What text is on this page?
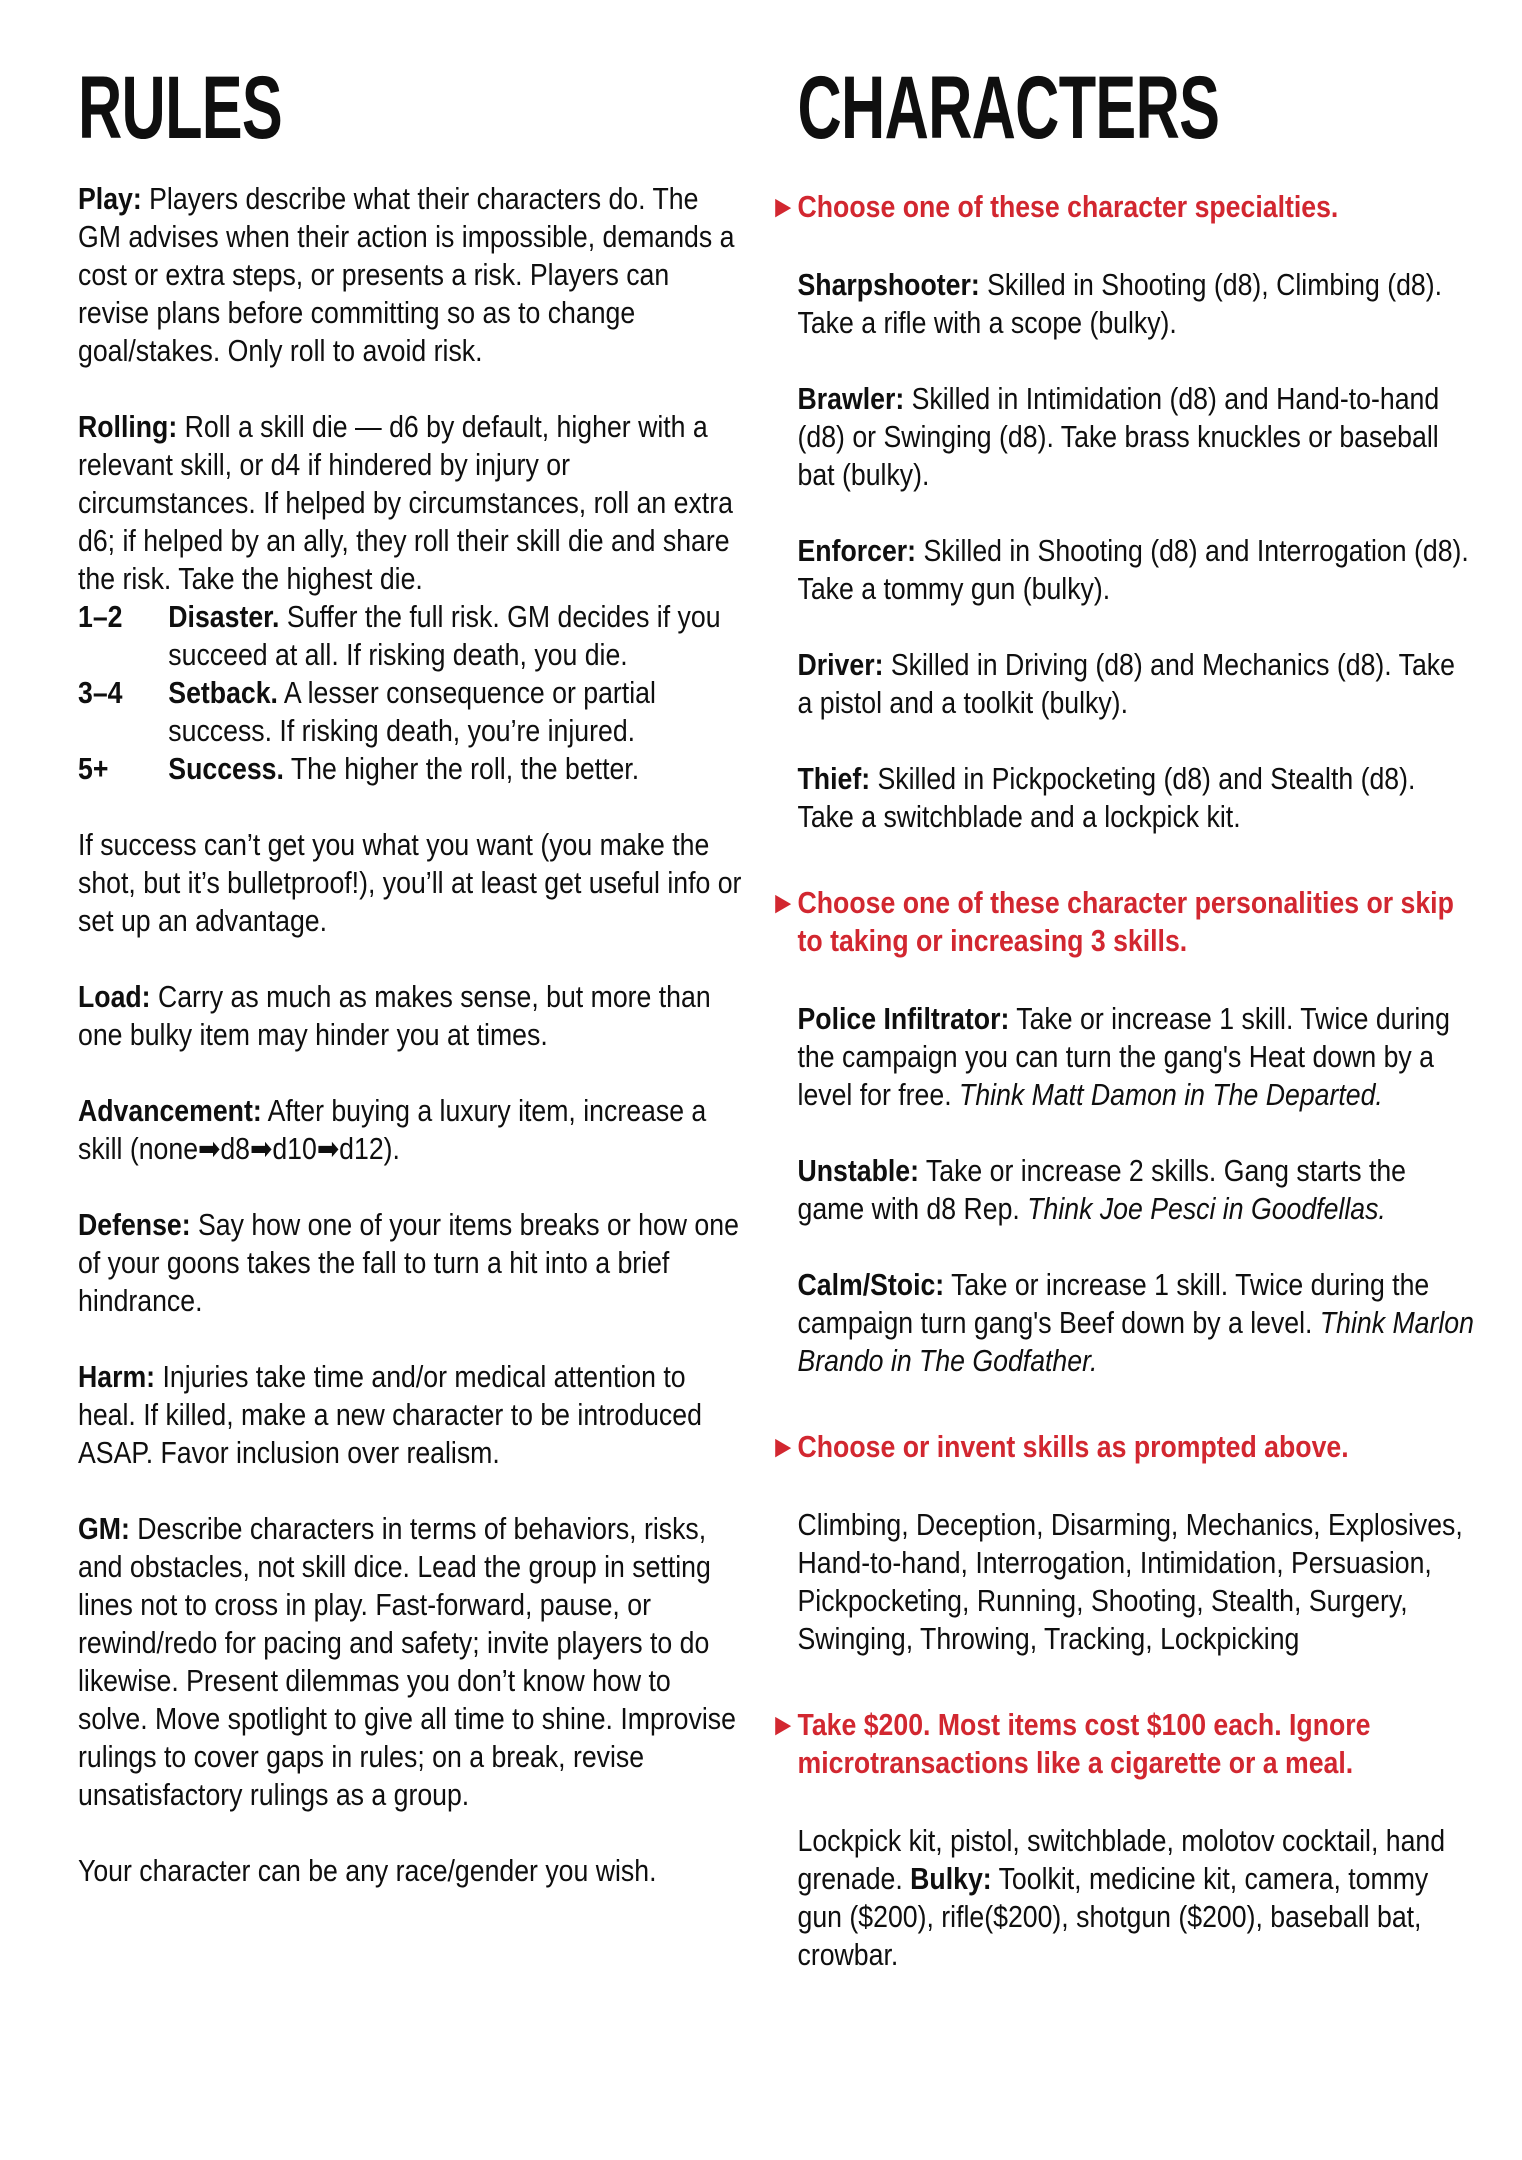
RULES

Play: Players describe what their characters do. The GM advises when their action is impossible, demands a cost or extra steps, or presents a risk. Players can revise plans before committing so as to change goal/stakes. Only roll to avoid risk.

Rolling: Roll a skill die — d6 by default, higher with a relevant skill, or d4 if hindered by injury or circumstances. If helped by circumstances, roll an extra d6; if helped by an ally, they roll their skill die and share the risk. Take the highest die.

1–2	Disaster. Suffer the full risk. GM decides if you succeed at all. If risking death, you die.
3–4	Setback. A lesser consequence or partial success. If risking death, you’re injured.
5+	Success. The higher the roll, the better.

If success can’t get you what you want (you make the shot, but it’s bulletproof!), you’ll at least get useful info or set up an advantage.

Load: Carry as much as makes sense, but more than one bulky item may hinder you at times.

Advancement: After buying a luxury item, increase a skill (none➡d8➡d10➡d12).

Defense: Say how one of your items breaks or how one of your goons takes the fall to turn a hit into a brief hindrance.

Harm: Injuries take time and/or medical attention to heal. If killed, make a new character to be introduced ASAP. Favor inclusion over realism.

GM: Describe characters in terms of behaviors, risks, and obstacles, not skill dice. Lead the group in setting lines not to cross in play. Fast-forward, pause, or rewind/redo for pacing and safety; invite players to do likewise. Present dilemmas you don’t know how to solve. Move spotlight to give all time to shine. Improvise rulings to cover gaps in rules; on a break, revise unsatisfactory rulings as a group.

Your character can be any race/gender you wish.

CHARACTERS
► Choose one of these character specialties.

Sharpshooter: Skilled in Shooting (d8), Climbing (d8). Take a rifle with a scope (bulky).

Brawler: Skilled in Intimidation (d8) and Hand-to-hand (d8) or Swinging (d8). Take brass knuckles or baseball bat (bulky).

Enforcer: Skilled in Shooting (d8) and Interrogation (d8). Take a tommy gun (bulky).

Driver: Skilled in Driving (d8) and Mechanics (d8). Take a pistol and a toolkit (bulky).

Thief: Skilled in Pickpocketing (d8) and Stealth (d8). Take a switchblade and a lockpick kit.

► Choose one of these character personalities or skip to taking or increasing 3 skills.

Police Infiltrator: Take or increase 1 skill. Twice during the campaign you can turn the gang's Heat down by a level for free. Think Matt Damon in The Departed.

Unstable: Take or increase 2 skills. Gang starts the game with d8 Rep. Think Joe Pesci in Goodfellas.

Calm/Stoic: Take or increase 1 skill. Twice during the campaign turn gang's Beef down by a level. Think Marlon Brando in The Godfather.

► Choose or invent skills as prompted above.

Climbing, Deception, Disarming, Mechanics, Explosives, Hand-to-hand, Interrogation, Intimidation, Persuasion, Pickpocketing, Running, Shooting, Stealth, Surgery, Swinging, Throwing, Tracking, Lockpicking

► Take $200. Most items cost $100 each. Ignore microtransactions like a cigarette or a meal.

Lockpick kit, pistol, switchblade, molotov cocktail, hand grenade. Bulky: Toolkit, medicine kit, camera, tommy gun ($200), rifle($200), shotgun ($200), baseball bat, crowbar.
